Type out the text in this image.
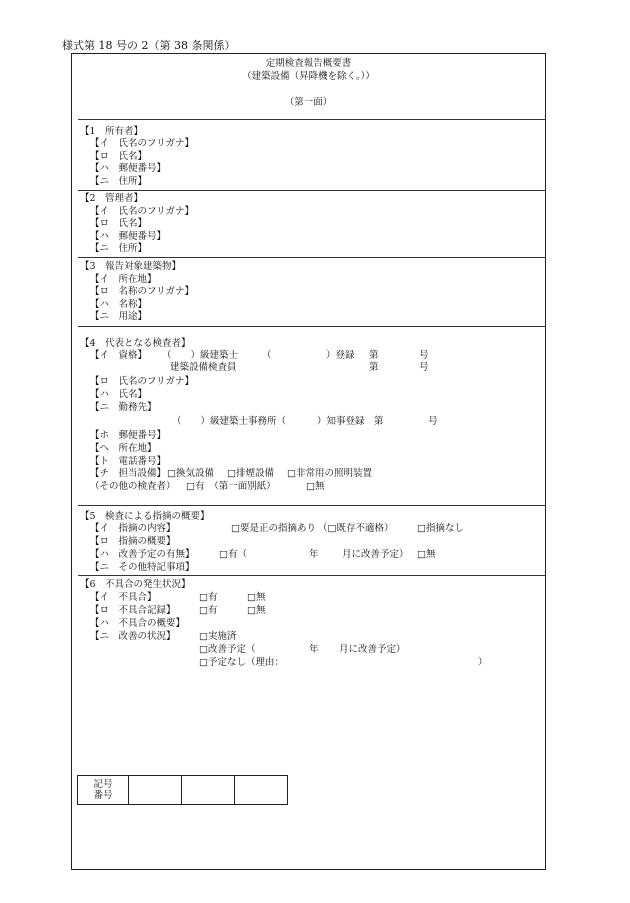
様式第 18 号の 2（第 38 条関係）
定期検査報告概要書
（建築設備（昇降機を除く。））
（第一面）
【1　所有者】
【イ　氏名のフリガナ】
【ロ　氏名】
【ハ　郵便番号】
【ニ　住所】
【2　管理者】
【イ　氏名のフリガナ】
【ロ　氏名】
【ハ　郵便番号】
【ニ　住所】
【3　報告対象建築物】
【イ　所在地】
【ロ　名称のフリガナ】
【ハ　名称】
【ニ　用途】
【4　代表となる検査者】
【イ　資格】 （　　）級建築士	（	）登録 第	号
建築設備検査員	第	号
【ロ　氏名のフリガナ】
【ハ　氏名】
【ニ　勤務先】
（　　）級建築士事務所（	）知事登録　第	号
【ホ　郵便番号】
【ヘ　所在地】
【ト　電話番号】
【チ　担当設備】 □換気設備 □排煙設備 □非常用の照明装置
（その他の検査者） □有　（第一面別紙）	□無
【5　検査による指摘の概要】
【イ　指摘の内容】	□要是正の指摘あり （□既存不適格） □指摘なし
【ロ　指摘の概要】
【ハ　改善予定の有無】	□有（	年 月に改善予定） □無
【ニ　その他特記事項】
【6　不具合の発生状況】
【イ　不具合】	□有	□無
【ロ　不具合記録】 □有	□無
【ハ　不具合の概要】
【ニ　改善の状況】 □実施済
□改善予定（	年 月に改善予定）
□予定なし（理由：	）
記号
番号			
